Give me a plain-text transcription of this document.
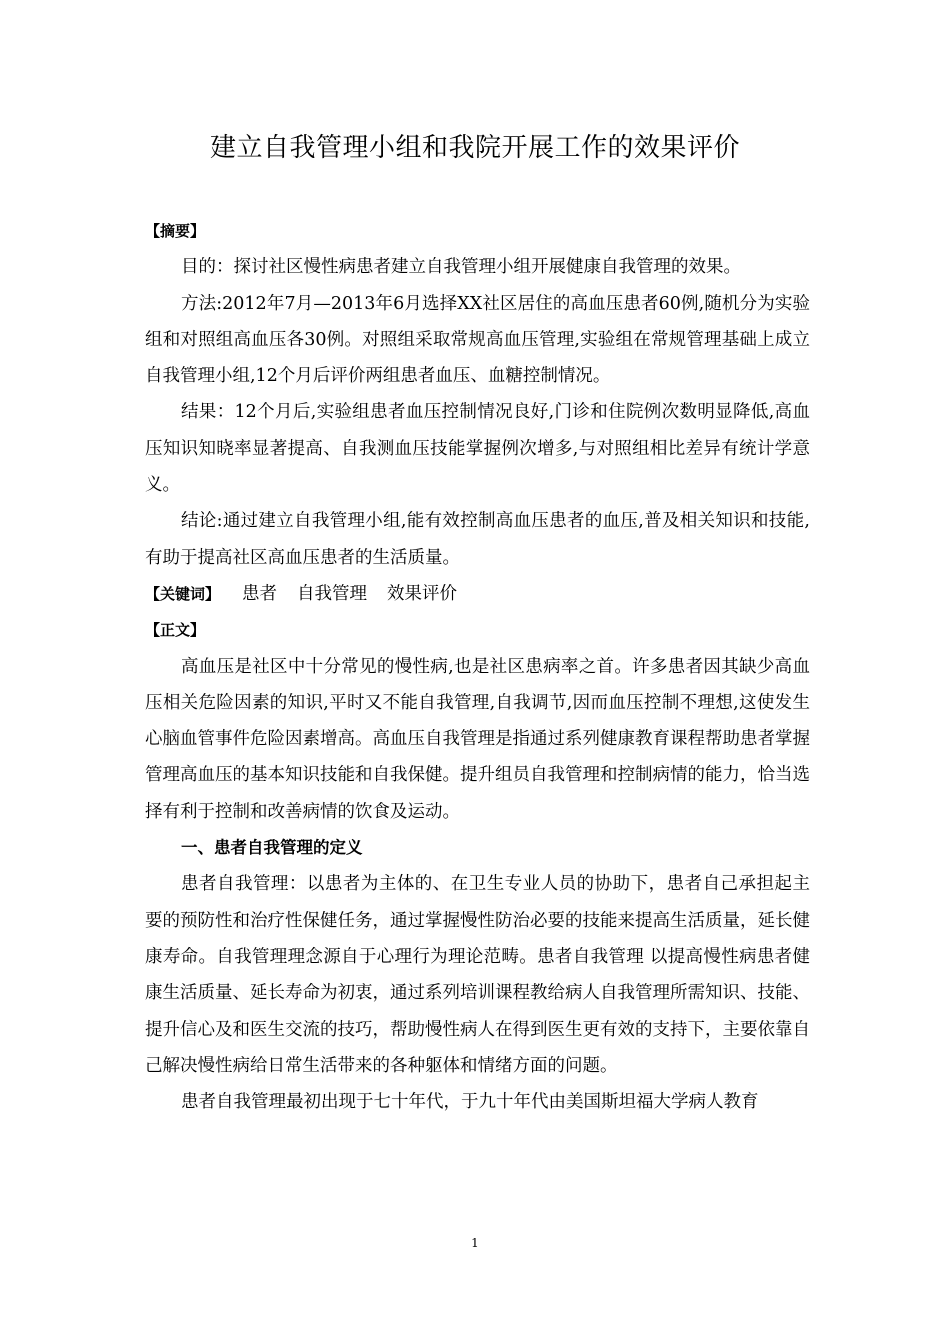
建立自我管理小组和我院开展工作的效果评价

【摘要】

目的：探讨社区慢性病患者建立自我管理小组开展健康自我管理的效果。

方法:2012年7月—2013年6月选择XX社区居住的高血压患者60例,随机分为实验组和对照组高血压各30例。对照组采取常规高血压管理,实验组在常规管理基础上成立自我管理小组,12个月后评价两组患者血压、血糖控制情况。

结果：12个月后,实验组患者血压控制情况良好,门诊和住院例次数明显降低,高血压知识知晓率显著提高、自我测血压技能掌握例次增多,与对照组相比差异有统计学意义。

结论:通过建立自我管理小组,能有效控制高血压患者的血压,普及相关知识和技能,有助于提高社区高血压患者的生活质量。

【关键词】 患者 自我管理 效果评价

【正文】

高血压是社区中十分常见的慢性病,也是社区患病率之首。许多患者因其缺少高血压相关危险因素的知识,平时又不能自我管理,自我调节,因而血压控制不理想,这使发生心脑血管事件危险因素增高。高血压自我管理是指通过系列健康教育课程帮助患者掌握管理高血压的基本知识技能和自我保健。提升组员自我管理和控制病情的能力，恰当选择有利于控制和改善病情的饮食及运动。

一、患者自我管理的定义

患者自我管理：以患者为主体的、在卫生专业人员的协助下，患者自己承担起主要的预防性和治疗性保健任务，通过掌握慢性防治必要的技能来提高生活质量，延长健康寿命。自我管理理念源自于心理行为理论范畴。患者自我管理 以提高慢性病患者健康生活质量、延长寿命为初衷，通过系列培训课程教给病人自我管理所需知识、技能、提升信心及和医生交流的技巧，帮助慢性病人在得到医生更有效的支持下，主要依靠自己解决慢性病给日常生活带来的各种躯体和情绪方面的问题。

患者自我管理最初出现于七十年代，于九十年代由美国斯坦福大学病人教育

1
